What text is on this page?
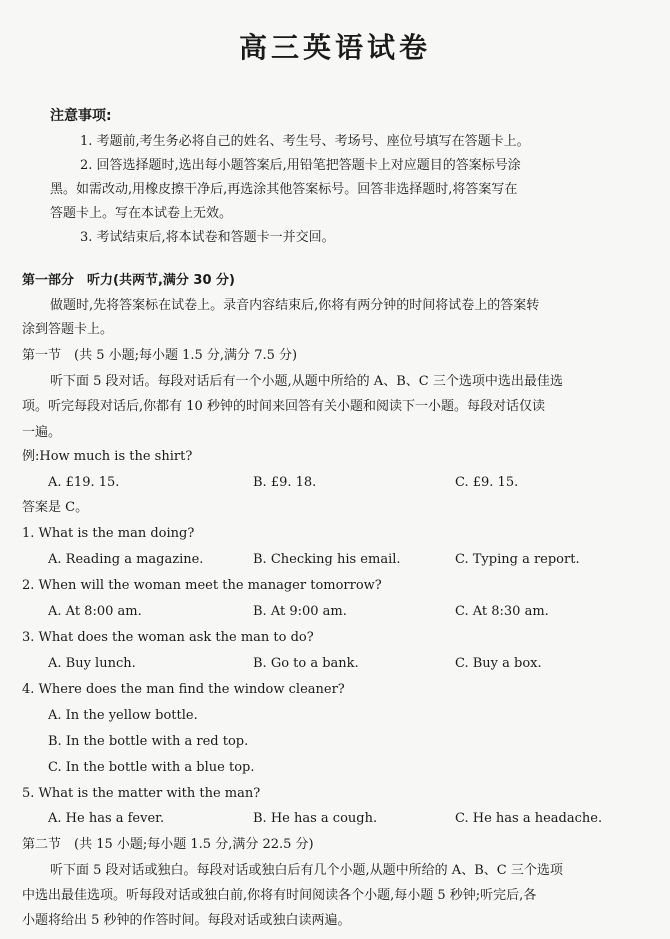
高三英语试卷
注意事项:
1. 考题前,考生务必将自己的姓名、考生号、考场号、座位号填写在答题卡上。
2. 回答选择题时,选出每小题答案后,用铅笔把答题卡上对应题目的答案标号涂
黑。如需改动,用橡皮擦干净后,再选涂其他答案标号。回答非选择题时,将答案写在
答题卡上。写在本试卷上无效。
3. 考试结束后,将本试卷和答题卡一并交回。
第一部分　听力(共两节,满分 30 分)
做题时,先将答案标在试卷上。录音内容结束后,你将有两分钟的时间将试卷上的答案转
涂到答题卡上。
第一节　(共 5 小题;每小题 1.5 分,满分 7.5 分)
听下面 5 段对话。每段对话后有一个小题,从题中所给的 A、B、C 三个选项中选出最佳选
项。听完每段对话后,你都有 10 秒钟的时间来回答有关小题和阅读下一小题。每段对话仅读
一遍。
例:How much is the shirt?
A. £19. 15.	B. £9. 18.	C. £9. 15.
答案是 C。
1. What is the man doing?
A. Reading a magazine.	B. Checking his email.	C. Typing a report.
2. When will the woman meet the manager tomorrow?
A. At 8:00 am.	B. At 9:00 am.	C. At 8:30 am.
3. What does the woman ask the man to do?
A. Buy lunch.	B. Go to a bank.	C. Buy a box.
4. Where does the man find the window cleaner?
A. In the yellow bottle.
B. In the bottle with a red top.
C. In the bottle with a blue top.
5. What is the matter with the man?
A. He has a fever.	B. He has a cough.	C. He has a headache.
第二节　(共 15 小题;每小题 1.5 分,满分 22.5 分)
听下面 5 段对话或独白。每段对话或独白后有几个小题,从题中所给的 A、B、C 三个选项
中选出最佳选项。听每段对话或独白前,你将有时间阅读各个小题,每小题 5 秒钟;听完后,各
小题将给出 5 秒钟的作答时间。每段对话或独白读两遍。
